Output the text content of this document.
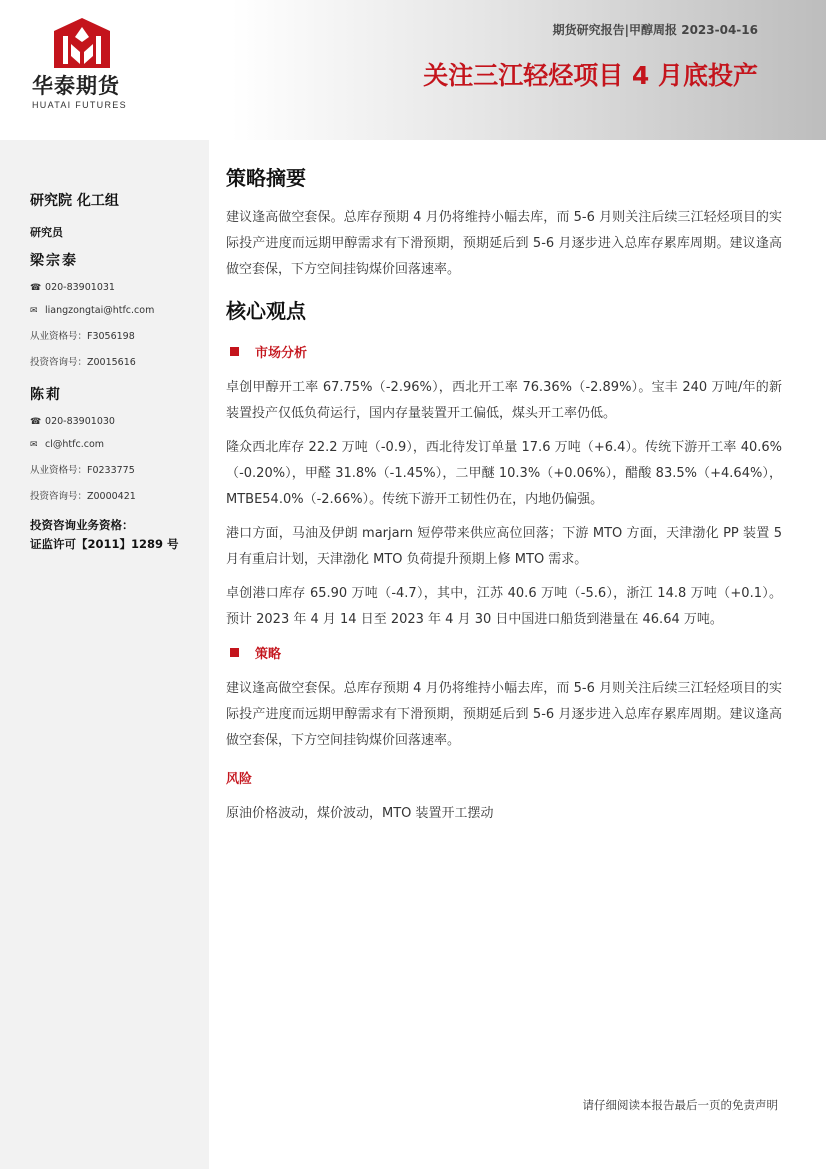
华泰期货
HUATAI FUTURES
期货研究报告|甲醇周报 2023-04-16
关注三江轻烃项目 4 月底投产
研究院 化工组
研究员
梁宗泰
☎ 020-83901031
✉ liangzongtai@htfc.com
从业资格号：F3056198
投资咨询号：Z0015616
陈莉
☎ 020-83901030
✉ cl@htfc.com
从业资格号：F0233775
投资咨询号：Z0000421
投资咨询业务资格：
证监许可【2011】1289 号
策略摘要

建议逢高做空套保。总库存预期 4 月仍将维持小幅去库，而 5-6 月则关注后续三江轻烃项目的实际投产进度而远期甲醇需求有下滑预期，预期延后到 5-6 月逐步进入总库存累库周期。建议逢高做空套保，下方空间挂钩煤价回落速率。

核心观点
市场分析

卓创甲醇开工率 67.75%（-2.96%），西北开工率 76.36%（-2.89%）。宝丰 240 万吨/年的新装置投产仅低负荷运行，国内存量装置开工偏低，煤头开工率仍低。

隆众西北库存 22.2 万吨（-0.9），西北待发订单量 17.6 万吨（+6.4）。传统下游开工率 40.6%（-0.20%），甲醛 31.8%（-1.45%），二甲醚 10.3%（+0.06%），醋酸 83.5%（+4.64%），MTBE54.0%（-2.66%）。传统下游开工韧性仍在，内地仍偏强。

港口方面，马油及伊朗 marjarn 短停带来供应高位回落；下游 MTO 方面，天津渤化 PP 装置 5 月有重启计划，天津渤化 MTO 负荷提升预期上修 MTO 需求。

卓创港口库存 65.90 万吨（-4.7），其中，江苏 40.6 万吨（-5.6），浙江 14.8 万吨（+0.1）。预计 2023 年 4 月 14 日至 2023 年 4 月 30 日中国进口船货到港量在 46.64 万吨。

策略

建议逢高做空套保。总库存预期 4 月仍将维持小幅去库，而 5-6 月则关注后续三江轻烃项目的实际投产进度而远期甲醇需求有下滑预期，预期延后到 5-6 月逐步进入总库存累库周期。建议逢高做空套保，下方空间挂钩煤价回落速率。

风险

原油价格波动，煤价波动，MTO 装置开工摆动

请仔细阅读本报告最后一页的免责声明
